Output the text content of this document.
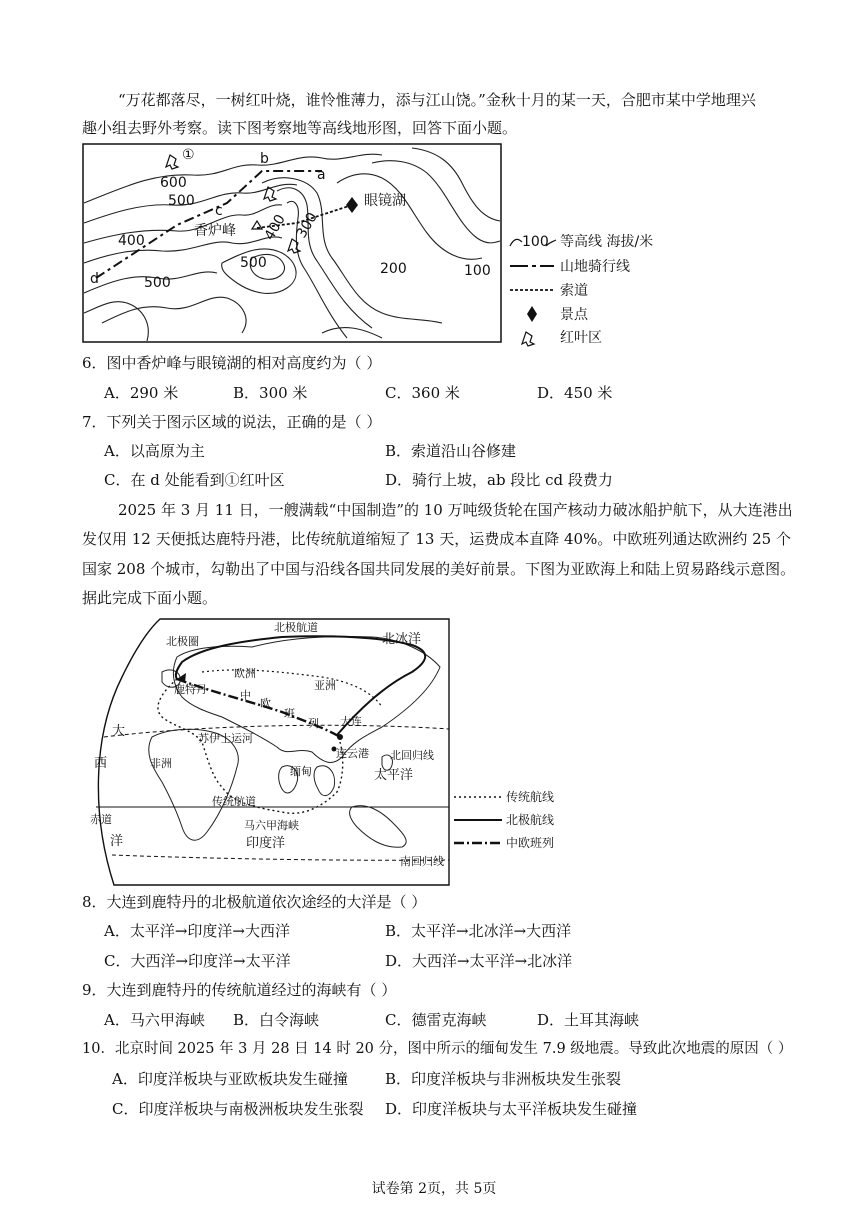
“万花都落尽，一树红叶烧，谁怜惟薄力，添与江山饶。”金秋十月的某一天，合肥市某中学地理兴
趣小组去野外考察。读下图考察地等高线地形图，回答下面小题。
①	b
a
c
d
600
500
400
500
500
400 300
200	100
香炉峰
眼镜湖
100 等高线 海拔/米
山地骑行线
索道
景点
红叶区
6．图中香炉峰与眼镜湖的相对高度约为（ ）
A．290 米	B．300 米	C．360 米	D．450 米
7．下列关于图示区域的说法，正确的是（ ）
A．以高原为主	B．索道沿山谷修建
C．在 d 处能看到①红叶区	D．骑行上坡，ab 段比 cd 段费力
2025 年 3 月 11 日，一艘满载“中国制造”的 10 万吨级货轮在国产核动力破冰船护航下，从大连港出
发仅用 12 天便抵达鹿特丹港，比传统航道缩短了 13 天，运费成本直降 40%。中欧班列通达欧洲约 25 个
国家 208 个城市，勾勒出了中国与沿线各国共同发展的美好前景。下图为亚欧海上和陆上贸易路线示意图。
据此完成下面小题。
北极航道
北冰洋
北极圈
欧洲
鹿特丹	亚洲
中
欧
班
列
大
大连
苏伊士运河
连云港 北回归线
西	非洲
缅甸	太平洋
传统航道
赤道
洋
马六甲海峡
印度洋
南回归线
传统航线
北极航线
中欧班列
8．大连到鹿特丹的北极航道依次途经的大洋是（ ）
A．太平洋→印度洋→大西洋	B．太平洋→北冰洋→大西洋
C．大西洋→印度洋→太平洋	D．大西洋→太平洋→北冰洋
9．大连到鹿特丹的传统航道经过的海峡有（ ）
A．马六甲海峡 B．白令海峡	C．德雷克海峡	D．土耳其海峡
10．北京时间 2025 年 3 月 28 日 14 时 20 分，图中所示的缅甸发生 7.9 级地震。导致此次地震的原因（ ）
A．印度洋板块与亚欧板块发生碰撞 B．印度洋板块与非洲板块发生张裂
C．印度洋板块与南极洲板块发生张裂 D．印度洋板块与太平洋板块发生碰撞
试卷第 2页，共 5页
